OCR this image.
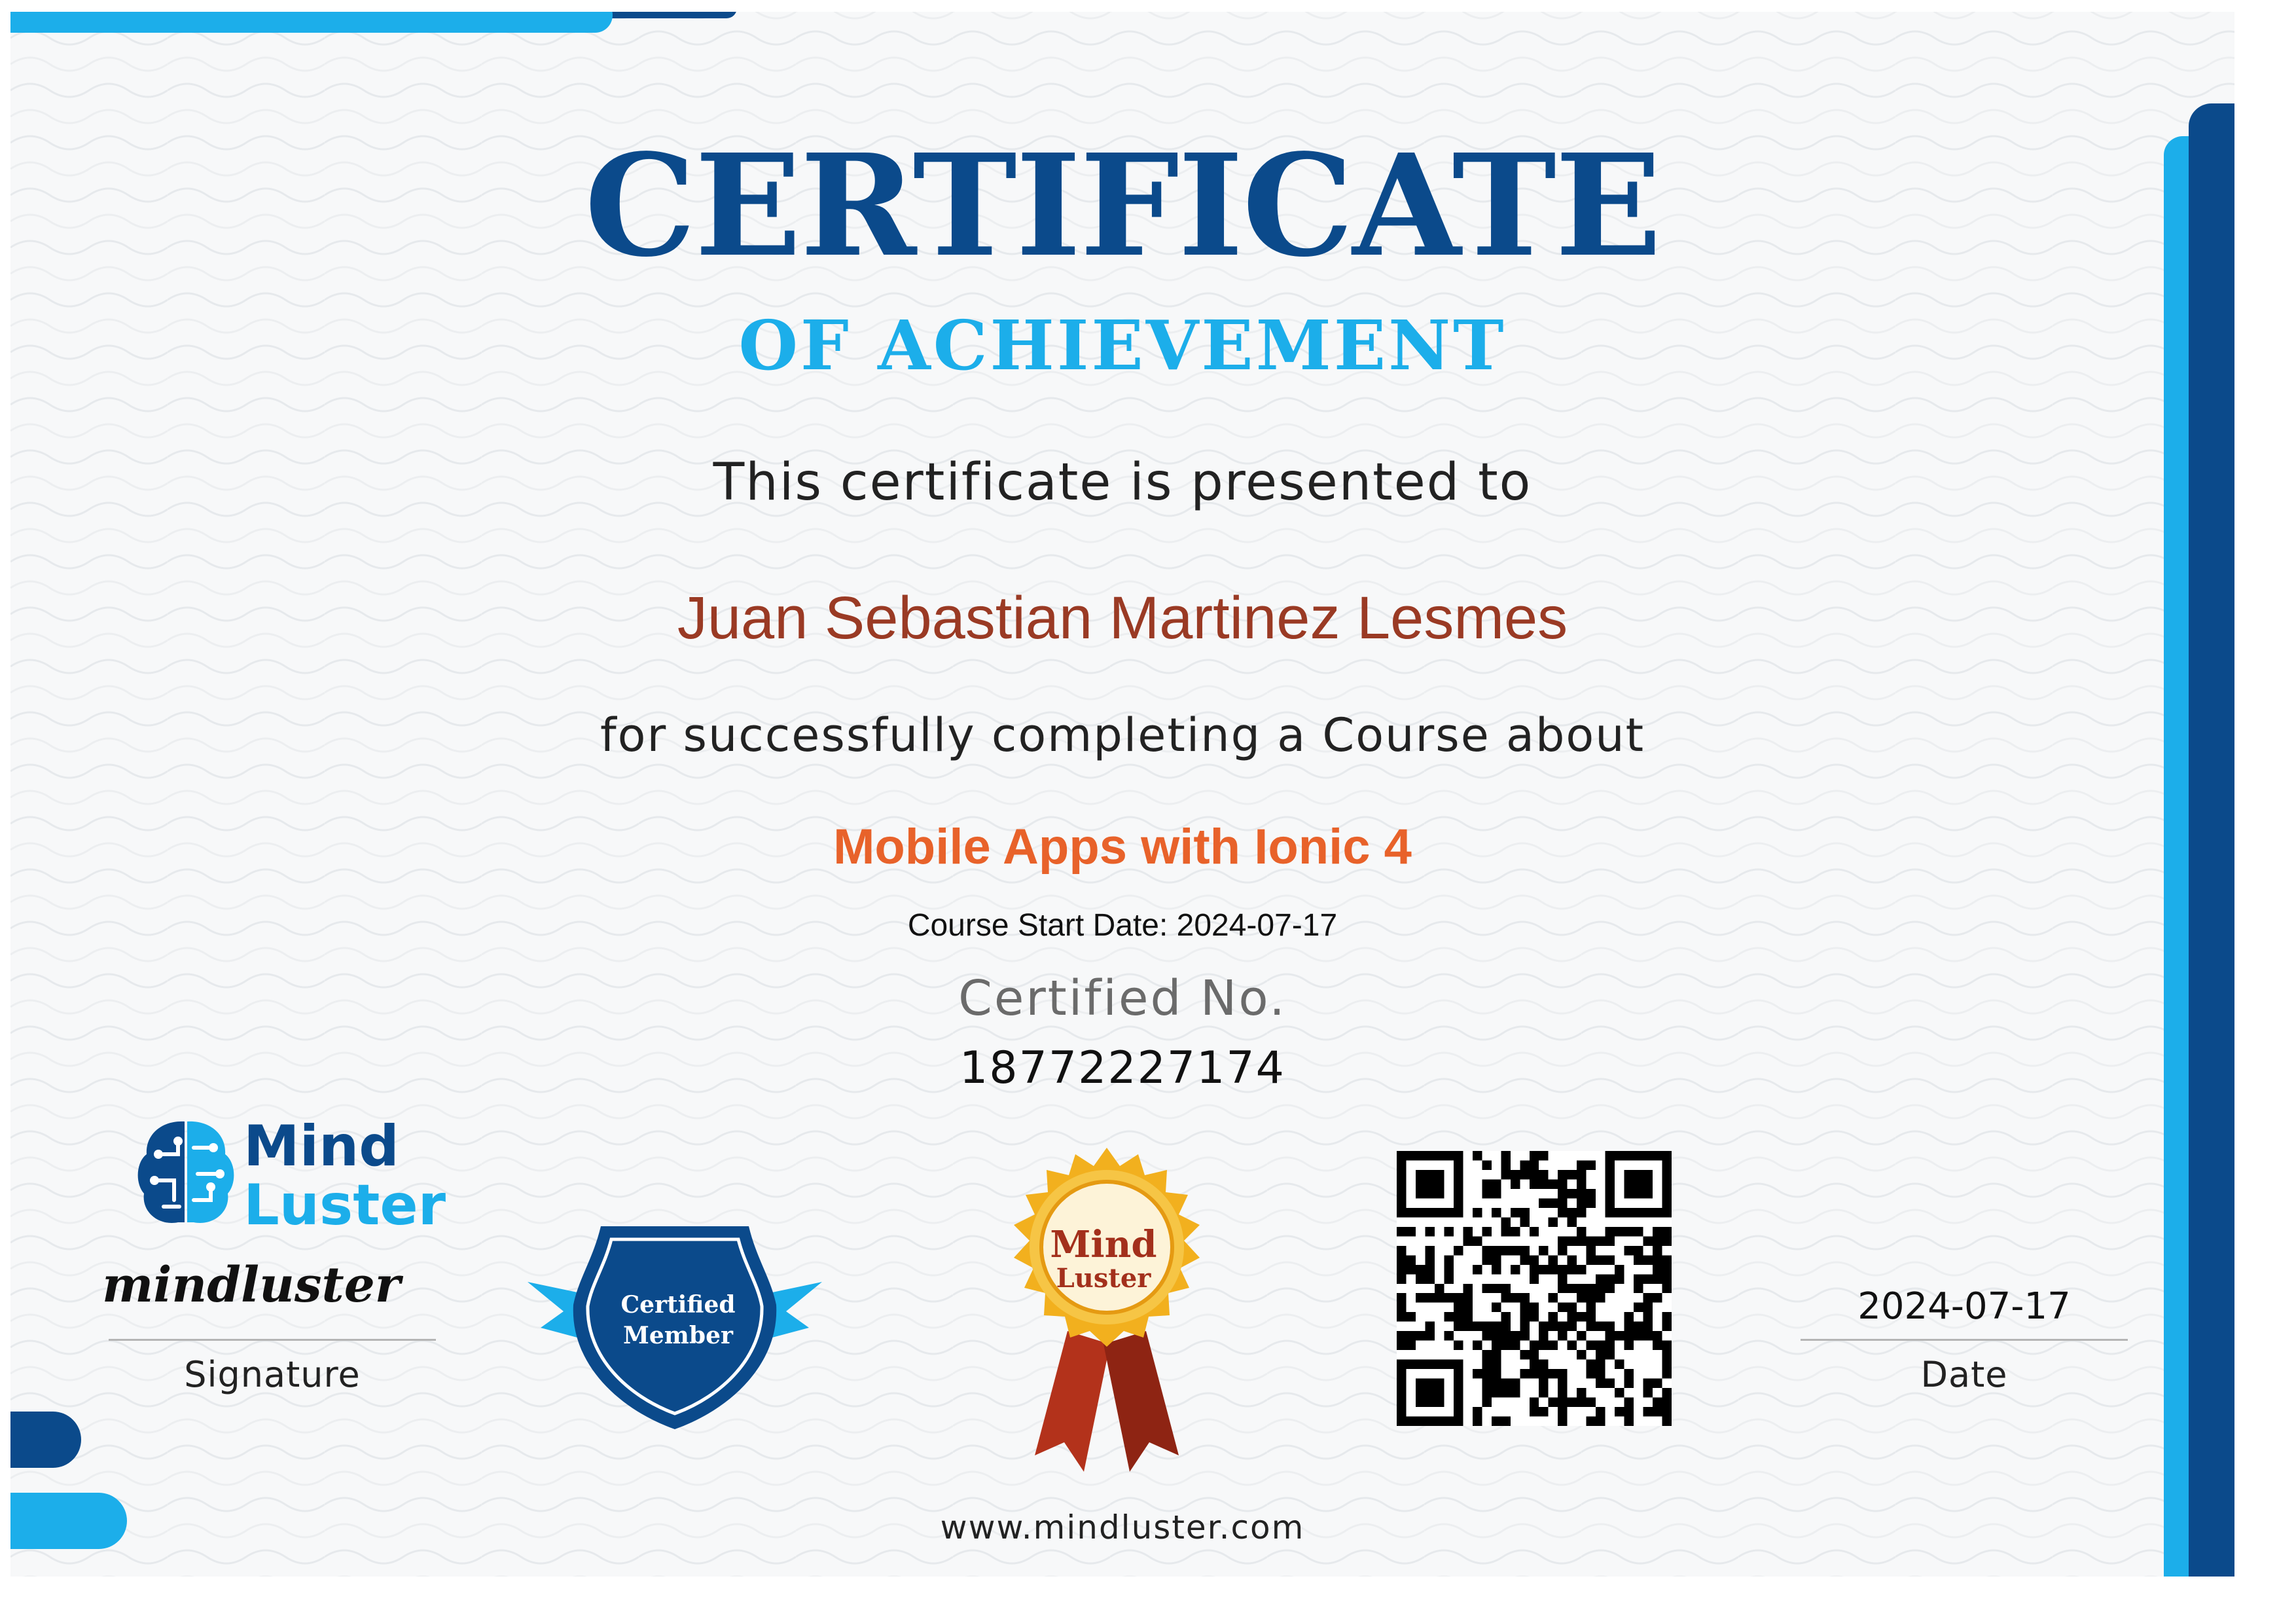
CERTIFICATE
OF ACHIEVEMENT
This certificate is presented to
Juan Sebastian Martinez Lesmes
for successfully completing a Course about
Mobile Apps with Ionic 4
Course Start Date: 2024-07-17
Certified No.
18772227174
Mind
Luster
mindluster
Signature
Certified
Member
Mind
Luster
2024-07-17
Date
www.mindluster.com
